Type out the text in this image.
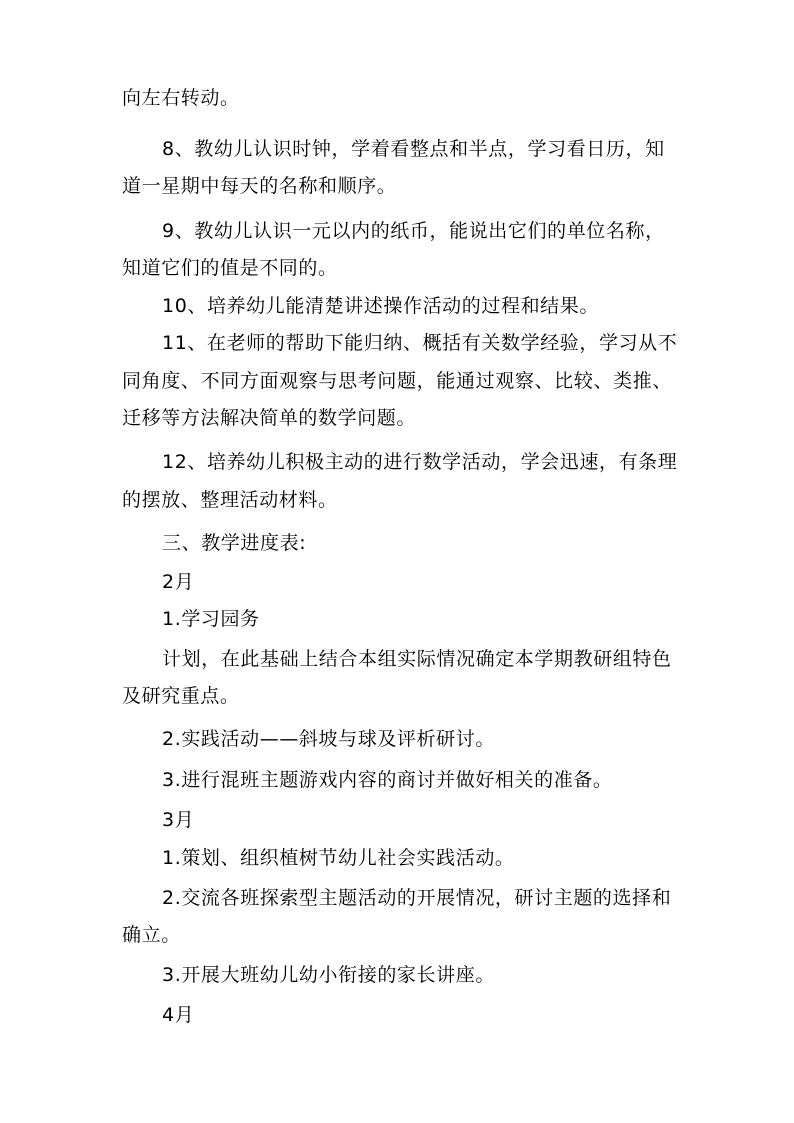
向左右转动。
8、教幼儿认识时钟，学着看整点和半点，学习看日历，知
道一星期中每天的名称和顺序。
9、教幼儿认识一元以内的纸币，能说出它们的单位名称，
知道它们的值是不同的。
10、培养幼儿能清楚讲述操作活动的过程和结果。
11、在老师的帮助下能归纳、概括有关数学经验，学习从不
同角度、不同方面观察与思考问题，能通过观察、比较、类推、
迁移等方法解决简单的数学问题。
12、培养幼儿积极主动的进行数学活动，学会迅速，有条理
的摆放、整理活动材料。
三、教学进度表:
2月
1.学习园务
计划，在此基础上结合本组实际情况确定本学期教研组特色
及研究重点。
2.实践活动——斜坡与球及评析研讨。
3.进行混班主题游戏内容的商讨并做好相关的准备。
3月
1.策划、组织植树节幼儿社会实践活动。
2.交流各班探索型主题活动的开展情况，研讨主题的选择和
确立。
3.开展大班幼儿幼小衔接的家长讲座。
4月
